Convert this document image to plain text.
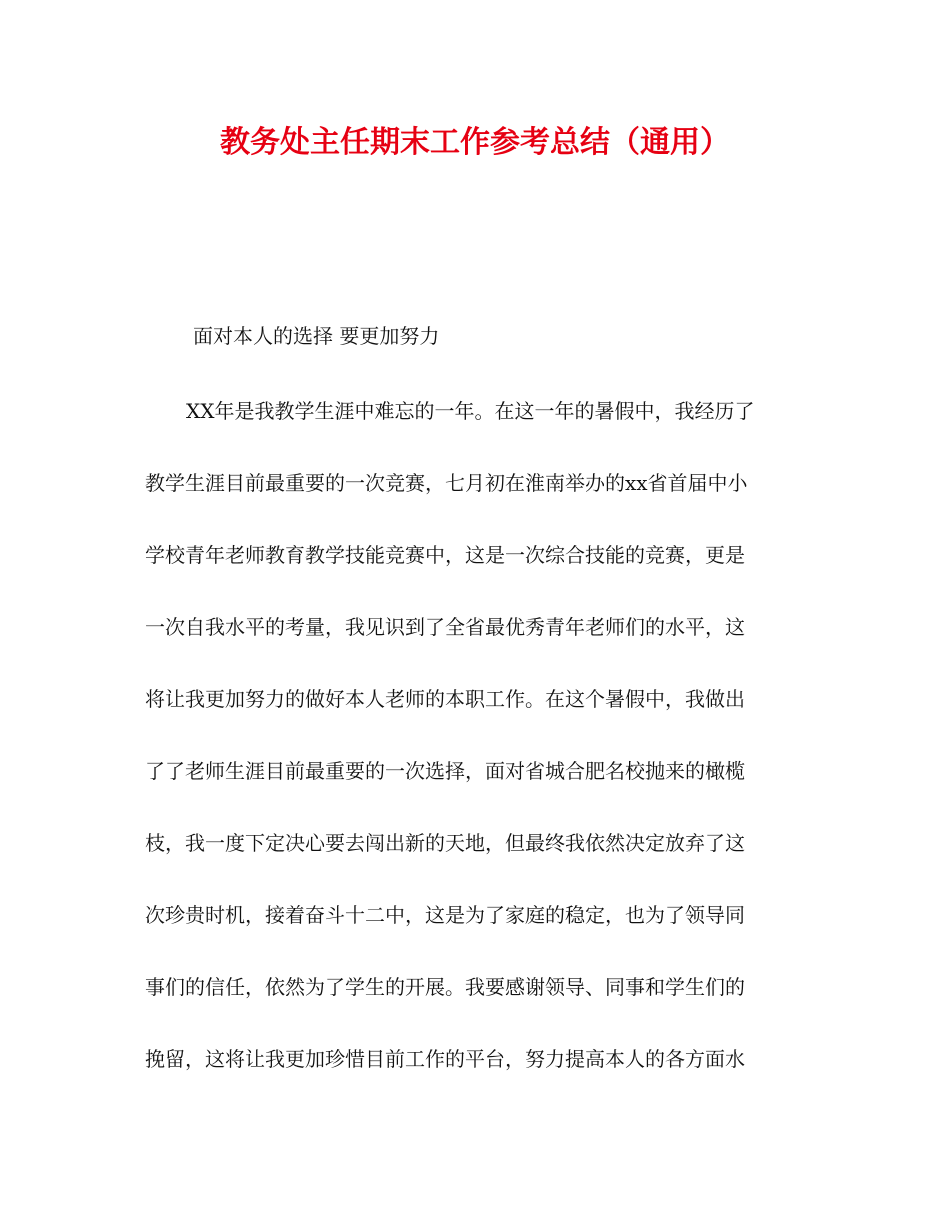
教务处主任期末工作参考总结（通用）
面对本人的选择 要更加努力
XX年是我教学生涯中难忘的一年。在这一年的暑假中，我经历了
教学生涯目前最重要的一次竞赛，七月初在淮南举办的xx省首届中小
学校青年老师教育教学技能竞赛中，这是一次综合技能的竞赛，更是
一次自我水平的考量，我见识到了全省最优秀青年老师们的水平，这
将让我更加努力的做好本人老师的本职工作。在这个暑假中，我做出
了了老师生涯目前最重要的一次选择，面对省城合肥名校抛来的橄榄
枝，我一度下定决心要去闯出新的天地，但最终我依然决定放弃了这
次珍贵时机，接着奋斗十二中，这是为了家庭的稳定，也为了领导同
事们的信任，依然为了学生的开展。我要感谢领导、同事和学生们的
挽留，这将让我更加珍惜目前工作的平台，努力提高本人的各方面水
